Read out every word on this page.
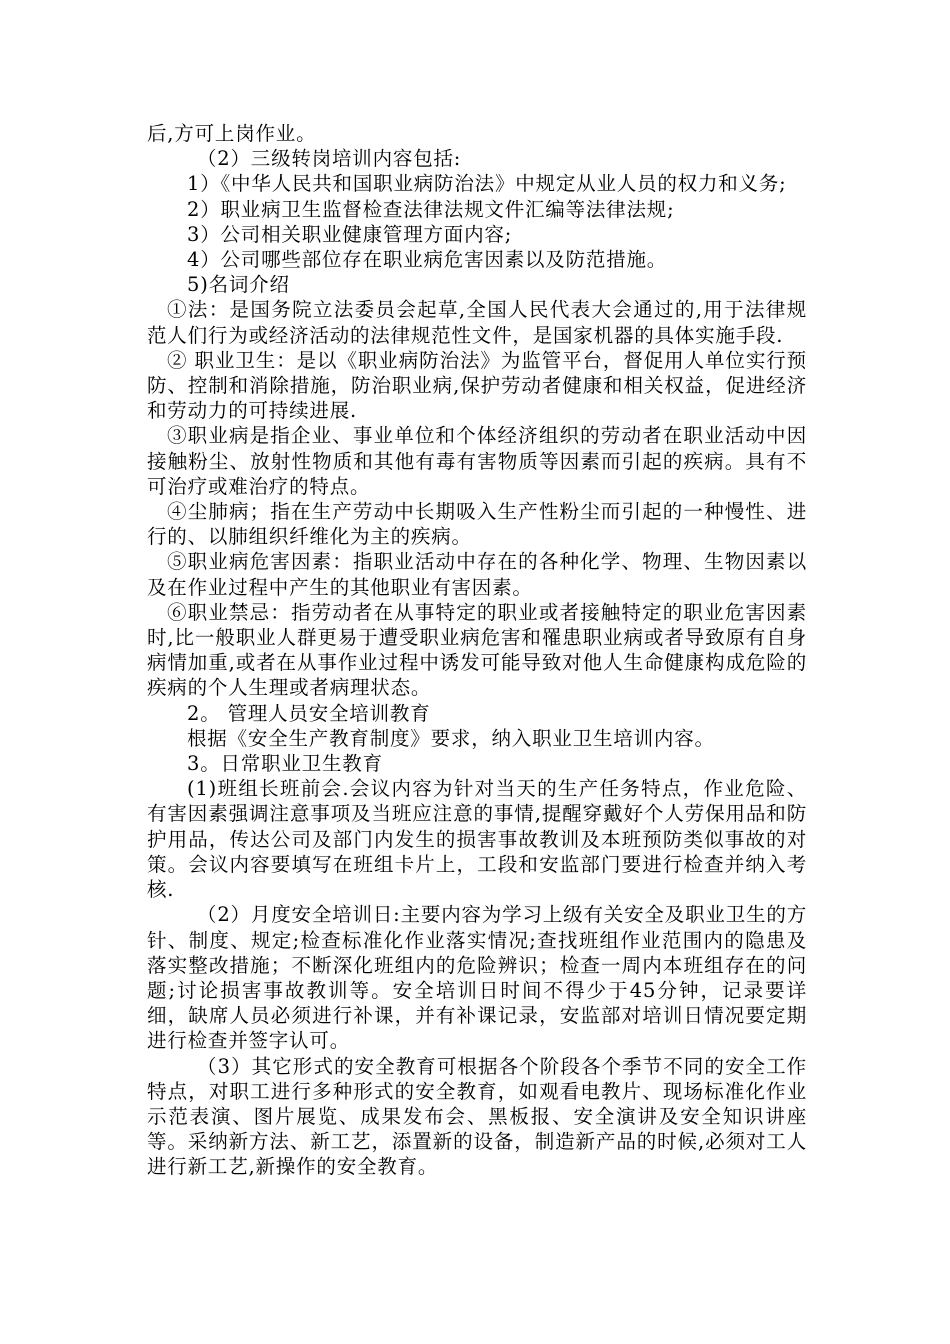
后,方可上岗作业。

（2）三级转岗培训内容包括:

1）《中华人民共和国职业病防治法》中规定从业人员的权力和义务;

2）职业病卫生监督检查法律法规文件汇编等法律法规;

3）公司相关职业健康管理方面内容;

4）公司哪些部位存在职业病危害因素以及防范措施。

5)名词介绍

①法：是国务院立法委员会起草,全国人民代表大会通过的,用于法律规范人们行为或经济活动的法律规范性文件，是国家机器的具体实施手段.

② 职业卫生：是以《职业病防治法》为监管平台，督促用人单位实行预防、控制和消除措施，防治职业病,保护劳动者健康和相关权益，促进经济和劳动力的可持续进展.

③职业病是指企业、事业单位和个体经济组织的劳动者在职业活动中因接触粉尘、放射性物质和其他有毒有害物质等因素而引起的疾病。具有不可治疗或难治疗的特点。

④尘肺病；指在生产劳动中长期吸入生产性粉尘而引起的一种慢性、进行的、以肺组织纤维化为主的疾病。

⑤职业病危害因素：指职业活动中存在的各种化学、物理、生物因素以及在作业过程中产生的其他职业有害因素。

⑥职业禁忌：指劳动者在从事特定的职业或者接触特定的职业危害因素时,比一般职业人群更易于遭受职业病危害和罹患职业病或者导致原有自身病情加重,或者在从事作业过程中诱发可能导致对他人生命健康构成危险的疾病的个人生理或者病理状态。

2。 管理人员安全培训教育

根据《安全生产教育制度》要求，纳入职业卫生培训内容。

3。日常职业卫生教育

(1)班组长班前会.会议内容为针对当天的生产任务特点，作业危险、有害因素强调注意事项及当班应注意的事情,提醒穿戴好个人劳保用品和防护用品，传达公司及部门内发生的损害事故教训及本班预防类似事故的对策。会议内容要填写在班组卡片上，工段和安监部门要进行检查并纳入考核.

（2）月度安全培训日:主要内容为学习上级有关安全及职业卫生的方针、制度、规定;检查标准化作业落实情况;查找班组作业范围内的隐患及落实整改措施；不断深化班组内的危险辨识；检查一周内本班组存在的问题;讨论损害事故教训等。安全培训日时间不得少于45分钟，记录要详细，缺席人员必须进行补课，并有补课记录，安监部对培训日情况要定期进行检查并签字认可。

（3）其它形式的安全教育可根据各个阶段各个季节不同的安全工作特点，对职工进行多种形式的安全教育，如观看电教片、现场标准化作业示范表演、图片展览、成果发布会、黑板报、安全演讲及安全知识讲座等。采纳新方法、新工艺，添置新的设备，制造新产品的时候,必须对工人进行新工艺,新操作的安全教育。
